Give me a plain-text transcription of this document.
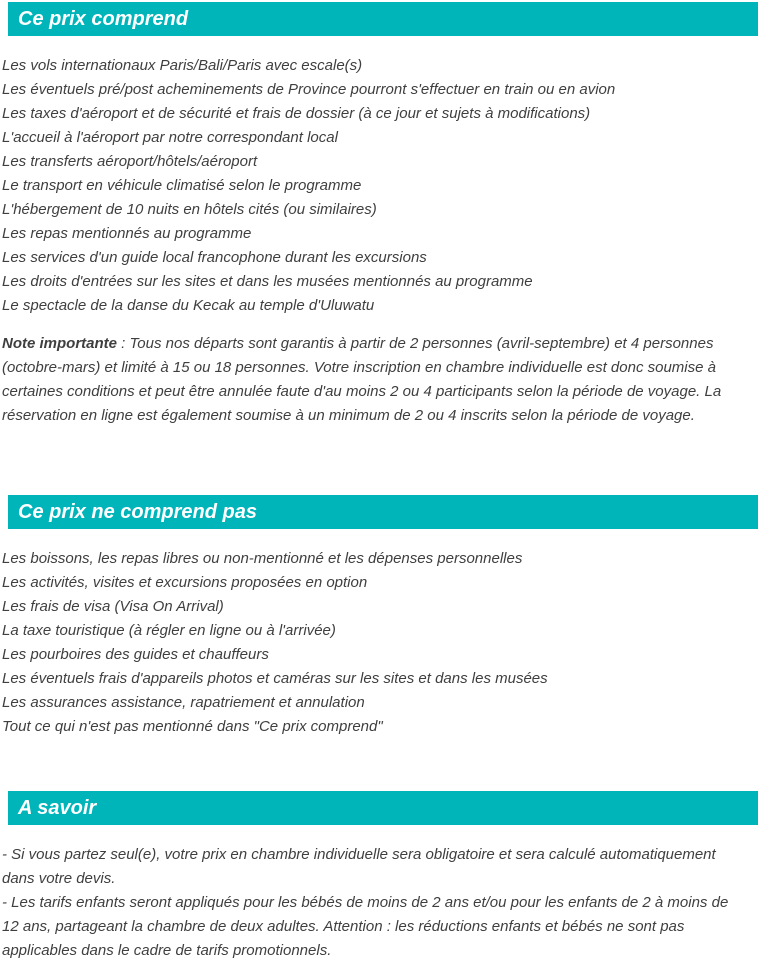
Ce prix comprend
Les vols internationaux Paris/Bali/Paris avec escale(s)
Les éventuels pré/post acheminements de Province pourront s'effectuer en train ou en avion
Les taxes d'aéroport et de sécurité et frais de dossier (à ce jour et sujets à modifications)
L'accueil à l'aéroport par notre correspondant local
Les transferts aéroport/hôtels/aéroport
Le transport en véhicule climatisé selon le programme
L'hébergement de 10 nuits en hôtels cités (ou similaires)
Les repas mentionnés au programme
Les services d'un guide local francophone durant les excursions
Les droits d'entrées sur les sites et dans les musées mentionnés au programme
Le spectacle de la danse du Kecak au temple d'Uluwatu

Note importante : Tous nos départs sont garantis à partir de 2 personnes (avril-septembre) et 4 personnes (octobre-mars) et limité à 15 ou 18 personnes. Votre inscription en chambre individuelle est donc soumise à certaines conditions et peut être annulée faute d'au moins 2 ou 4 participants selon la période de voyage. La réservation en ligne est également soumise à un minimum de 2 ou 4 inscrits selon la période de voyage.

Ce prix ne comprend pas
Les boissons, les repas libres ou non-mentionné et les dépenses personnelles
Les activités, visites et excursions proposées en option
Les frais de visa (Visa On Arrival)
La taxe touristique (à régler en ligne ou à l'arrivée)
Les pourboires des guides et chauffeurs
Les éventuels frais d'appareils photos et caméras sur les sites et dans les musées
Les assurances assistance, rapatriement et annulation
Tout ce qui n'est pas mentionné dans "Ce prix comprend"
A savoir
- Si vous partez seul(e), votre prix en chambre individuelle sera obligatoire et sera calculé automatiquement dans votre devis.
- Les tarifs enfants seront appliqués pour les bébés de moins de 2 ans et/ou pour les enfants de 2 à moins de 12 ans, partageant la chambre de deux adultes. Attention : les réductions enfants et bébés ne sont pas applicables dans le cadre de tarifs promotionnels.
